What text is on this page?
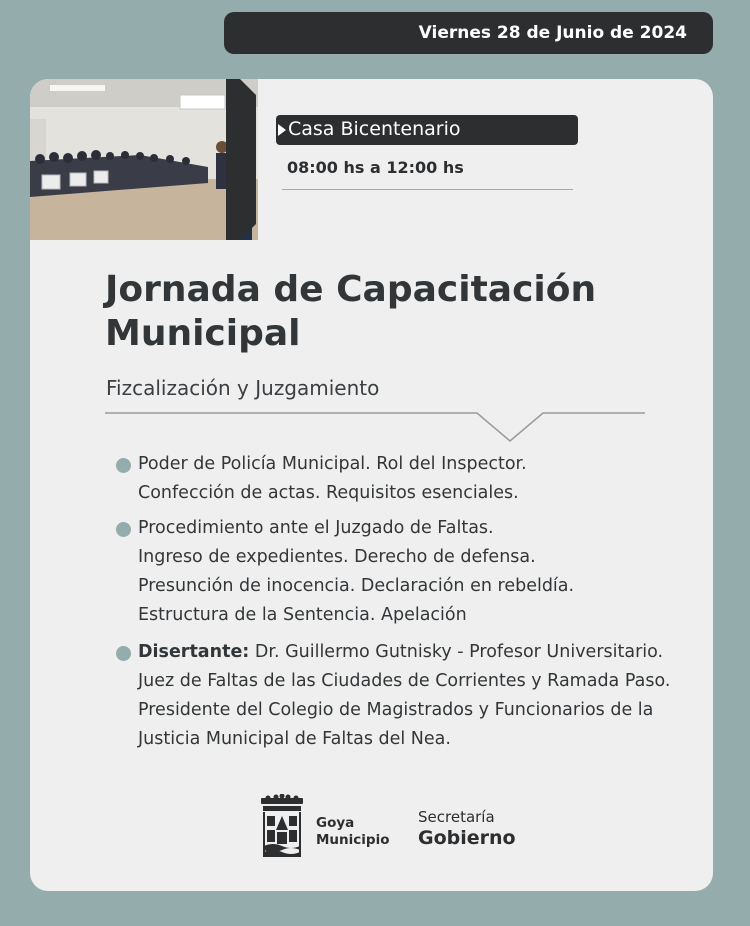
Viernes 28 de Junio de 2024
Casa Bicentenario
08:00 hs a 12:00 hs
Jornada de Capacitación
Municipal
Fizcalización y Juzgamiento

Poder de Policía Municipal. Rol del Inspector.

Confección de actas. Requisitos esenciales.

Procedimiento ante el Juzgado de Faltas.

Ingreso de expedientes. Derecho de defensa.

Presunción de inocencia. Declaración en rebeldía.

Estructura de la Sentencia. Apelación

Disertante: Dr. Guillermo Gutnisky - Profesor Universitario.

Juez de Faltas de las Ciudades de Corrientes y Ramada Paso.

Presidente del Colegio de Magistrados y Funcionarios de la

Justicia Municipal de Faltas del Nea.

Goya
Municipio
Secretaría
Gobierno
